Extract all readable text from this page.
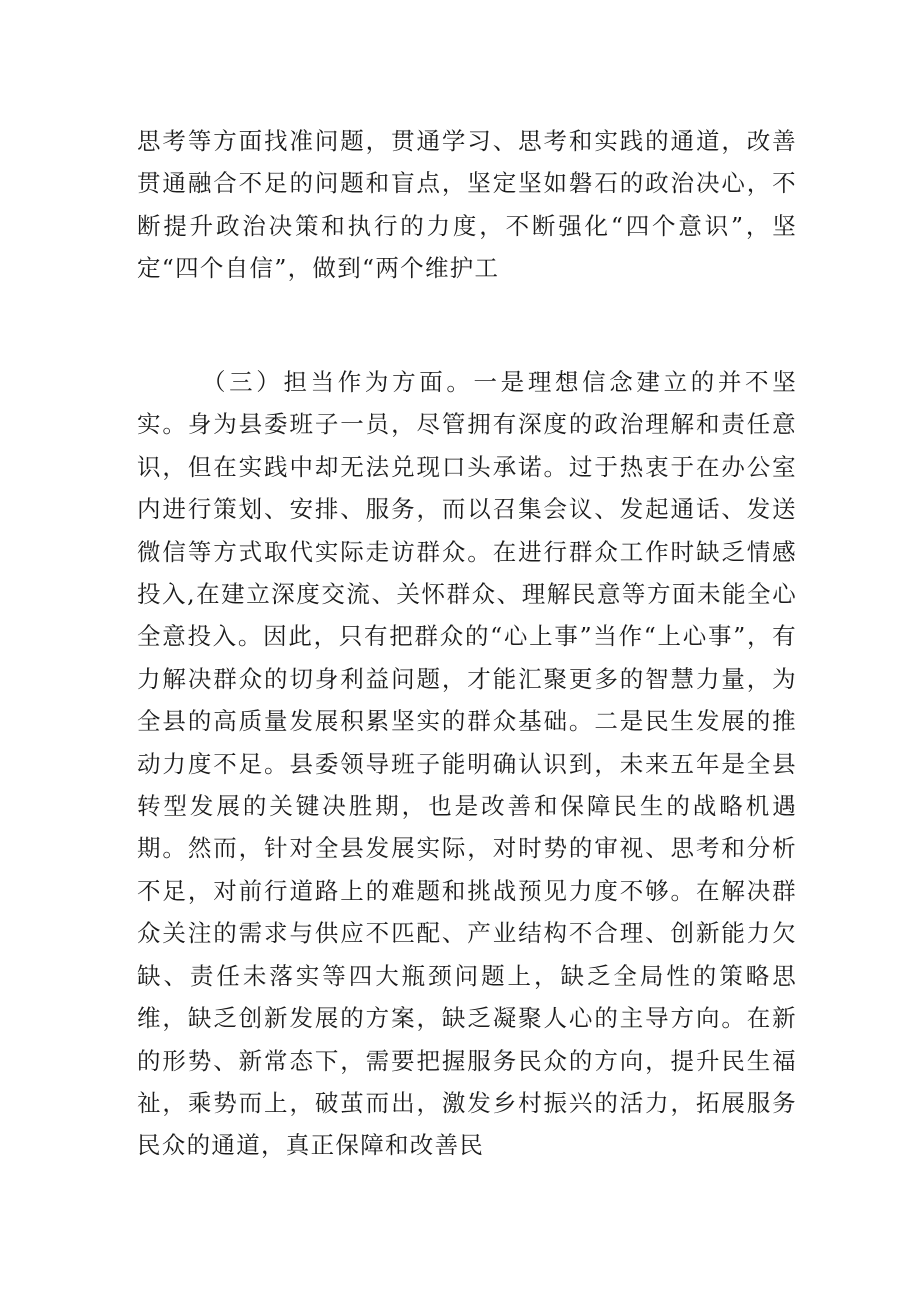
思考等方面找准问题，贯通学习、思考和实践的通道，改善贯通融合不足的问题和盲点，坚定坚如磐石的政治决心，不断提升政治决策和执行的力度，不断强化“四个意识”，坚定“四个自信”，做到“两个维护工

（三）担当作为方面。一是理想信念建立的并不坚实。身为县委班子一员，尽管拥有深度的政治理解和责任意识，但在实践中却无法兑现口头承诺。过于热衷于在办公室内进行策划、安排、服务，而以召集会议、发起通话、发送微信等方式取代实际走访群众。在进行群众工作时缺乏情感投入,在建立深度交流、关怀群众、理解民意等方面未能全心全意投入。因此，只有把群众的“心上事”当作“上心事”，有力解决群众的切身利益问题，才能汇聚更多的智慧力量，为全县的高质量发展积累坚实的群众基础。二是民生发展的推动力度不足。县委领导班子能明确认识到，未来五年是全县转型发展的关键决胜期，也是改善和保障民生的战略机遇期。然而，针对全县发展实际，对时势的审视、思考和分析不足，对前行道路上的难题和挑战预见力度不够。在解决群众关注的需求与供应不匹配、产业结构不合理、创新能力欠缺、责任未落实等四大瓶颈问题上，缺乏全局性的策略思维，缺乏创新发展的方案，缺乏凝聚人心的主导方向。在新的形势、新常态下，需要把握服务民众的方向，提升民生福祉，乘势而上，破茧而出，激发乡村振兴的活力，拓展服务民众的通道，真正保障和改善民
